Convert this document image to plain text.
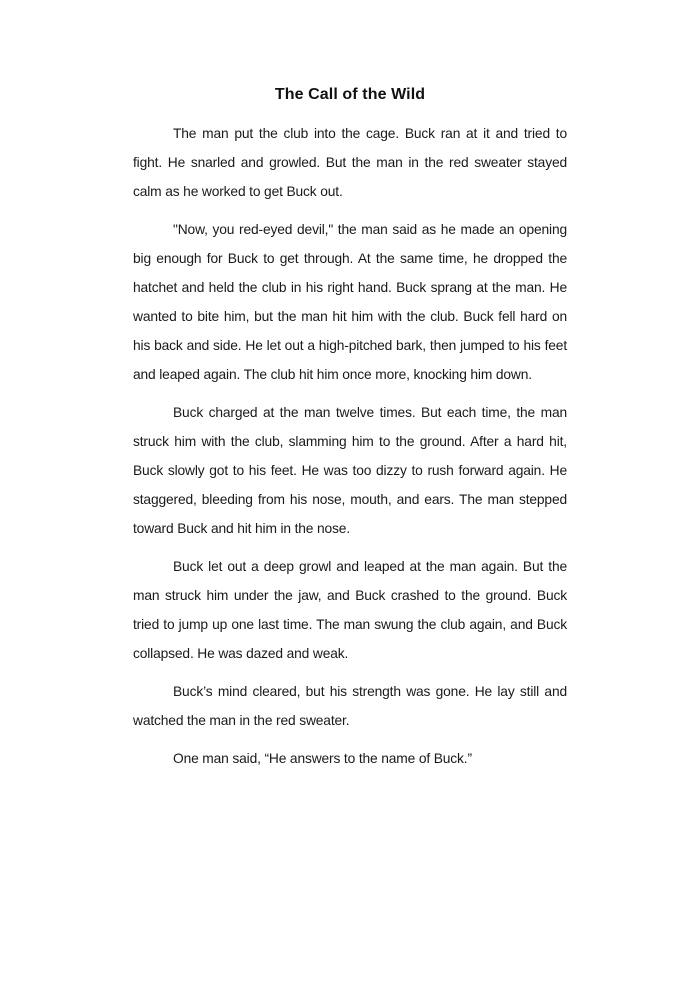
The Call of the Wild

The man put the club into the cage. Buck ran at it and tried to fight. He snarled and growled. But the man in the red sweater stayed calm as he worked to get Buck out.

"Now, you red-eyed devil," the man said as he made an opening big enough for Buck to get through. At the same time, he dropped the hatchet and held the club in his right hand. Buck sprang at the man. He wanted to bite him, but the man hit him with the club. Buck fell hard on his back and side. He let out a high-pitched bark, then jumped to his feet and leaped again. The club hit him once more, knocking him down.

Buck charged at the man twelve times. But each time, the man struck him with the club, slamming him to the ground. After a hard hit, Buck slowly got to his feet. He was too dizzy to rush forward again. He staggered, bleeding from his nose, mouth, and ears. The man stepped toward Buck and hit him in the nose.

Buck let out a deep growl and leaped at the man again. But the man struck him under the jaw, and Buck crashed to the ground. Buck tried to jump up one last time. The man swung the club again, and Buck collapsed. He was dazed and weak.

Buck’s mind cleared, but his strength was gone. He lay still and watched the man in the red sweater.

One man said, “He answers to the name of Buck.”
